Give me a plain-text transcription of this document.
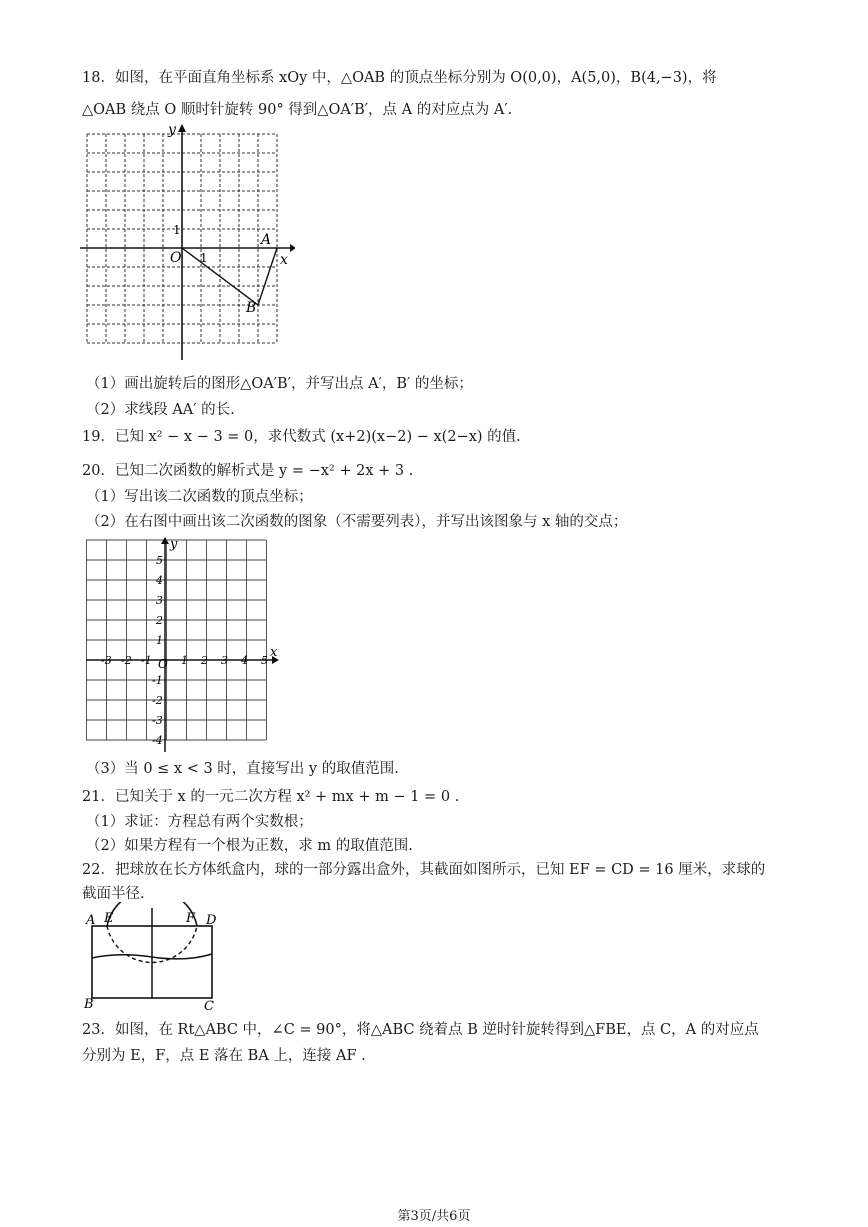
18．如图，在平面直角坐标系 xOy 中，△OAB 的顶点坐标分别为 O(0,0)，A(5,0)，B(4,−3)，将
△OAB 绕点 O 顺时针旋转 90° 得到△OA′B′，点 A 的对应点为 A′.
y
x
O 1
1
A
B
（1）画出旋转后的图形△OA′B′，并写出点 A′，B′ 的坐标；
（2）求线段 AA′ 的长.
19．已知 x² − x − 3 = 0，求代数式 (x+2)(x−2) − x(2−x) 的值.
20．已知二次函数的解析式是 y = −x² + 2x + 3 .
（1）写出该二次函数的顶点坐标；
（2）在右图中画出该二次函数的图象（不需要列表），并写出该图象与 x 轴的交点；
y
x
O
-3 -2 -1	1 2 3 4 5
5
4
3
2
1
-1
-2
-3
-4
（3）当 0 ≤ x < 3 时，直接写出 y 的取值范围.
21．已知关于 x 的一元二次方程 x² + mx + m − 1 = 0 .
（1）求证：方程总有两个实数根；
（2）如果方程有一个根为正数，求 m 的取值范围.
22．把球放在长方体纸盒内，球的一部分露出盒外，其截面如图所示，已知 EF = CD = 16 厘米，求球的
截面半径.
A E	F D
B	C
23．如图，在 Rt△ABC 中，∠C = 90°，将△ABC 绕着点 B 逆时针旋转得到△FBE，点 C，A 的对应点
分别为 E，F，点 E 落在 BA 上，连接 AF .
第3页/共6页
